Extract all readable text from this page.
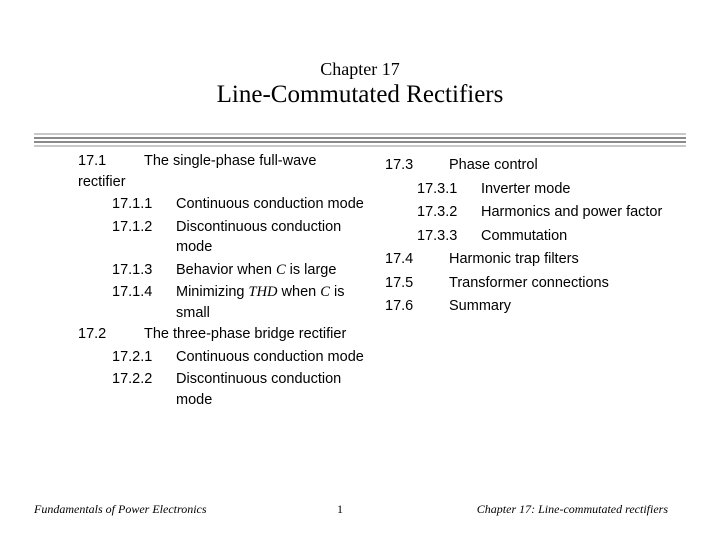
Chapter 17
Line-Commutated Rectifiers
17.1	The single-phase full-wave rectifier
17.1.1 Continuous conduction mode
17.1.2 Discontinuous conduction mode
17.1.3 Behavior when C is large
17.1.4 Minimizing THD when C is small
17.2	The three-phase bridge rectifier
17.2.1 Continuous conduction mode
17.2.2 Discontinuous conduction mode
17.3 Phase control
17.3.1 Inverter mode
17.3.2 Harmonics and power factor
17.3.3 Commutation
17.4 Harmonic trap filters
17.5 Transformer connections
17.6 Summary
Fundamentals of Power Electronics	1	Chapter 17: Line-commutated rectifiers
